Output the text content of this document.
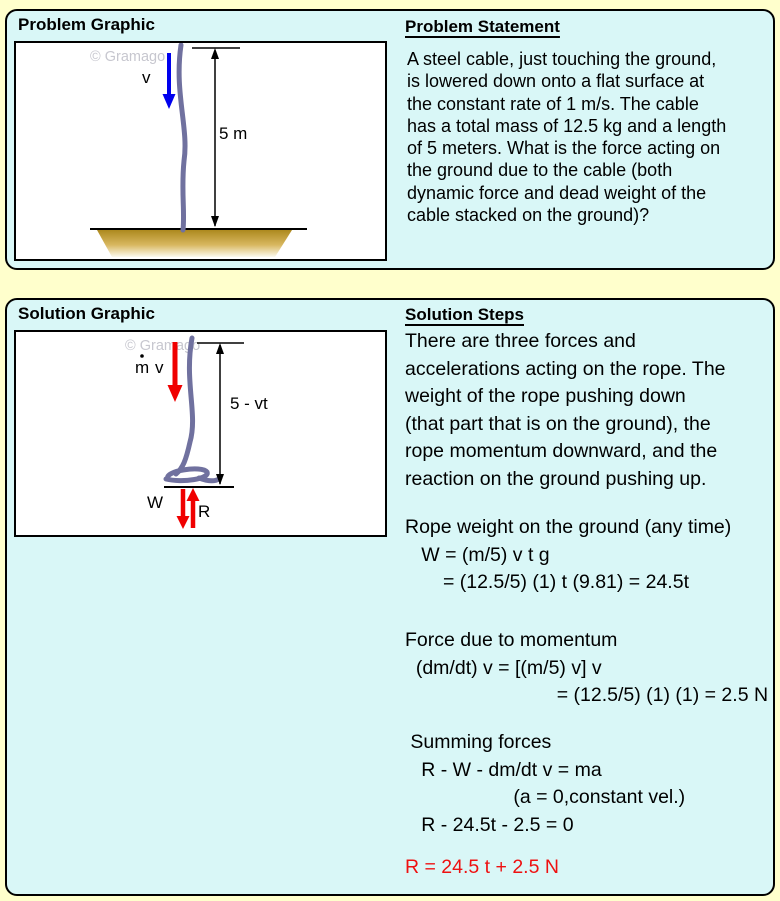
Problem Graphic
© Gramago
v
5 m
Problem Statement
A steel cable, just touching the ground,
is lowered down onto a flat surface at
the constant rate of 1 m/s. The cable
has a total mass of 12.5 kg and a length
of 5 meters. What is the force acting on
the ground due to the cable (both
dynamic force and dead weight of the
cable stacked on the ground)?
Solution Graphic
© Gramago
m v
5 - vt
W R
Solution Steps
There are three forces and
accelerations acting on the rope. The
weight of the rope pushing down
(that part that is on the ground), the
rope momentum downward, and the
reaction on the ground pushing up.
Rope weight on the ground (any time)
W = (m/5) v t g
= (12.5/5) (1) t (9.81) = 24.5t
Force due to momentum
(dm/dt) v = [(m/5) v] v
= (12.5/5) (1) (1) = 2.5 N
Summing forces
R - W - dm/dt v = ma
(a = 0,constant vel.)
R - 24.5t - 2.5 = 0
R = 24.5 t + 2.5 N
